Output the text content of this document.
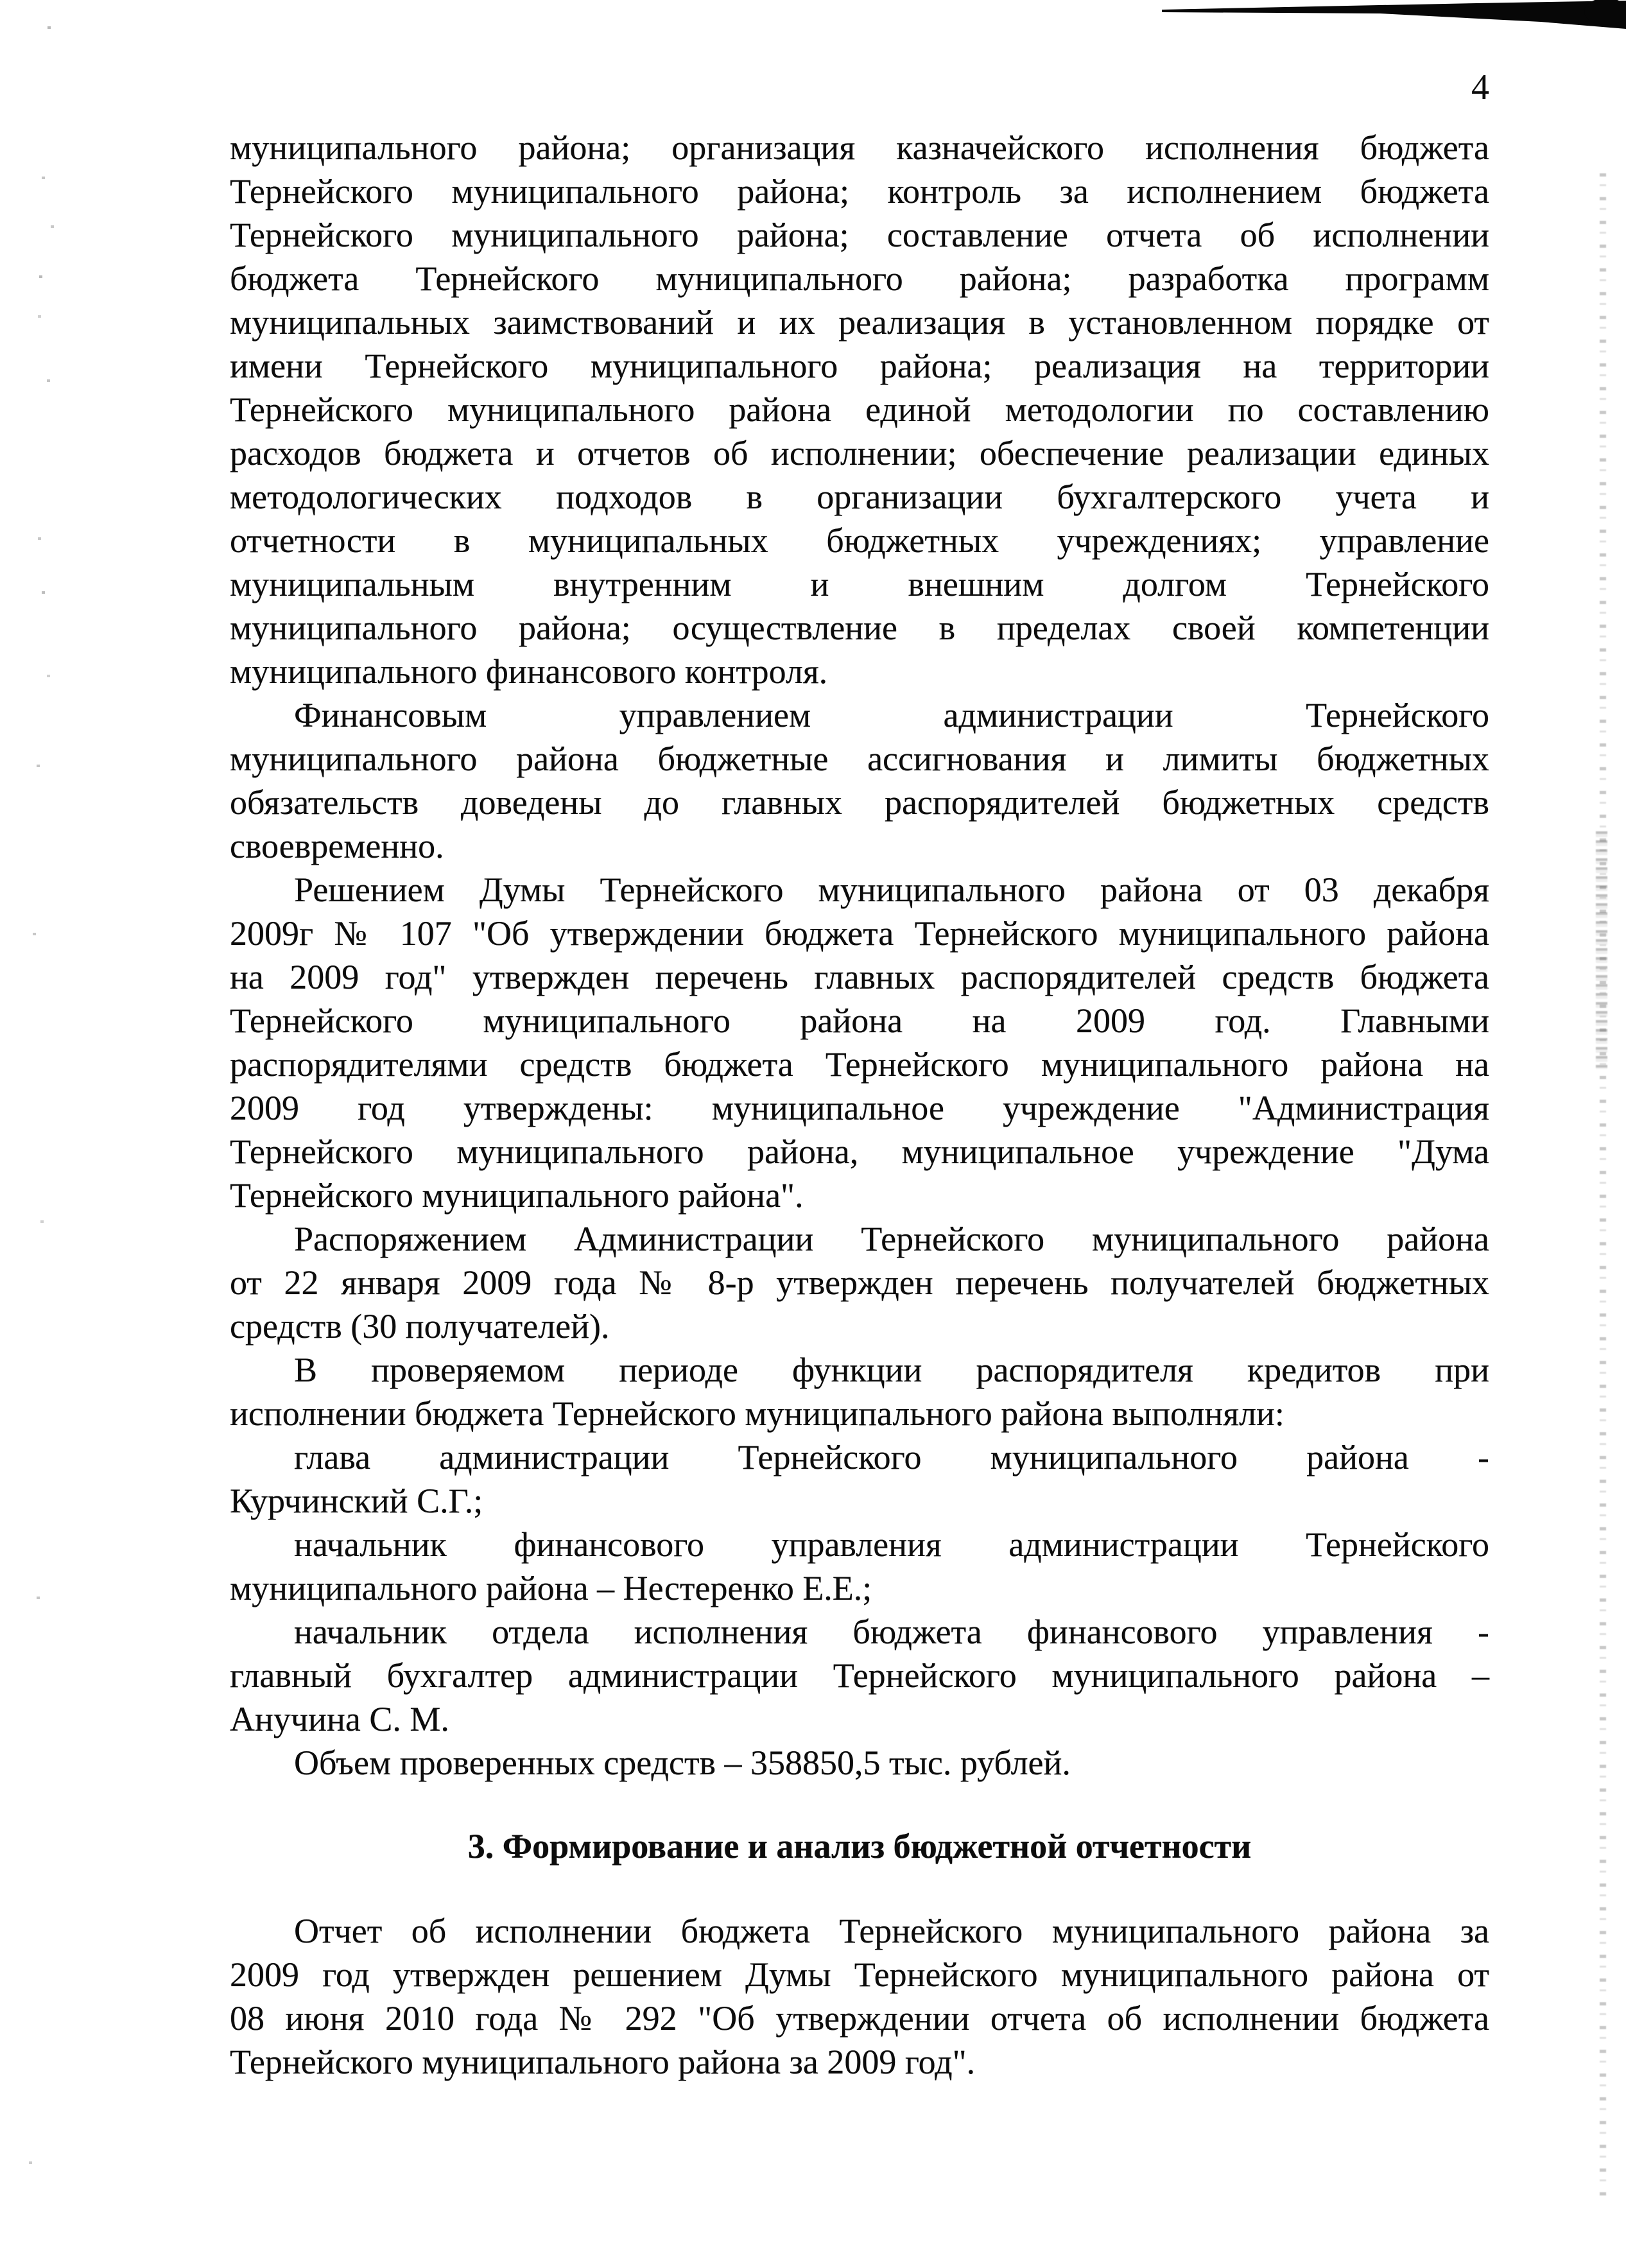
4
муниципального района; организация казначейского исполнения бюджета
Тернейского муниципального района; контроль за исполнением бюджета
Тернейского муниципального района; составление отчета об исполнении
бюджета Тернейского муниципального района; разработка программ
муниципальных заимствований и их реализация в установленном порядке от
имени Тернейского муниципального района; реализация на территории
Тернейского муниципального района единой методологии по составлению
расходов бюджета и отчетов об исполнении; обеспечение реализации единых
методологических подходов в организации бухгалтерского учета и
отчетности в муниципальных бюджетных учреждениях; управление
муниципальным внутренним и внешним долгом Тернейского
муниципального района; осуществление в пределах своей компетенции
муниципального финансового контроля.
Финансовым управлением администрации Тернейского
муниципального района бюджетные ассигнования и лимиты бюджетных
обязательств доведены до главных распорядителей бюджетных средств
своевременно.
Решением Думы Тернейского муниципального района от 03 декабря
2009г № 107 "Об утверждении бюджета Тернейского муниципального района
на 2009 год" утвержден перечень главных распорядителей средств бюджета
Тернейского муниципального района на 2009 год. Главными
распорядителями средств бюджета Тернейского муниципального района на
2009 год утверждены: муниципальное учреждение "Администрация
Тернейского муниципального района, муниципальное учреждение "Дума
Тернейского муниципального района".
Распоряжением Администрации Тернейского муниципального района
от 22 января 2009 года № 8-р утвержден перечень получателей бюджетных
средств (30 получателей).
В проверяемом периоде функции распорядителя кредитов при
исполнении бюджета Тернейского муниципального района выполняли:
глава администрации Тернейского муниципального района -
Курчинский С.Г.;
начальник финансового управления администрации Тернейского
муниципального района – Нестеренко Е.Е.;
начальник отдела исполнения бюджета финансового управления -
главный бухгалтер администрации Тернейского муниципального района –
Анучина С. М.
Объем проверенных средств – 358850,5 тыс. рублей.
3. Формирование и анализ бюджетной отчетности
Отчет об исполнении бюджета Тернейского муниципального района за
2009 год утвержден решением Думы Тернейского муниципального района от
08 июня 2010 года № 292 "Об утверждении отчета об исполнении бюджета
Тернейского муниципального района за 2009 год".
